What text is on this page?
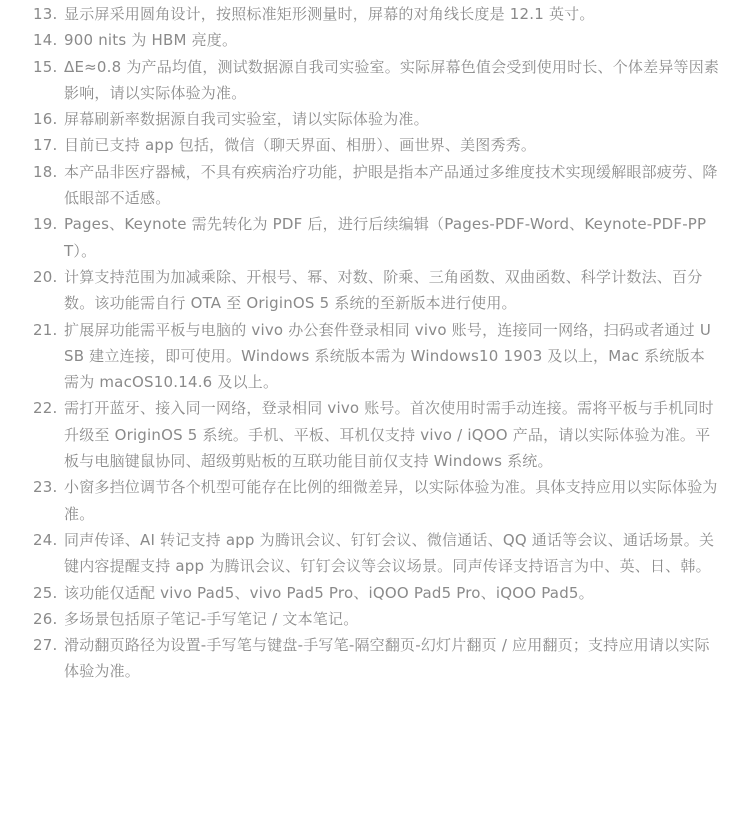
13. 显示屏采用圆角设计，按照标准矩形测量时，屏幕的对角线长度是 12.1 英寸。
14. 900 nits 为 HBM 亮度。
15. ΔE≈0.8 为产品均值，测试数据源自我司实验室。实际屏幕色值会受到使用时长、个体差异等因素影响，请以实际体验为准。
16. 屏幕刷新率数据源自我司实验室，请以实际体验为准。
17. 目前已支持 app 包括，微信（聊天界面、相册）、画世界、美图秀秀。
18. 本产品非医疗器械，不具有疾病治疗功能，护眼是指本产品通过多维度技术实现缓解眼部疲劳、降低眼部不适感。
19. Pages、Keynote 需先转化为 PDF 后，进行后续编辑（Pages-PDF-Word、Keynote-PDF-PPT）。
20. 计算支持范围为加减乘除、开根号、幂、对数、阶乘、三角函数、双曲函数、科学计数法、百分数。该功能需自行 OTA 至 OriginOS 5 系统的至新版本进行使用。
21. 扩展屏功能需平板与电脑的 vivo 办公套件登录相同 vivo 账号，连接同一网络，扫码或者通过 USB 建立连接，即可使用。Windows 系统版本需为 Windows10 1903 及以上，Mac 系统版本需为 macOS10.14.6 及以上。
22. 需打开蓝牙、接入同一网络，登录相同 vivo 账号。首次使用时需手动连接。需将平板与手机同时升级至 OriginOS 5 系统。手机、平板、耳机仅支持 vivo / iQOO 产品，请以实际体验为准。平板与电脑键鼠协同、超级剪贴板的互联功能目前仅支持 Windows 系统。
23. 小窗多挡位调节各个机型可能存在比例的细微差异，以实际体验为准。具体支持应用以实际体验为准。
24. 同声传译、AI 转记支持 app 为腾讯会议、钉钉会议、微信通话、QQ 通话等会议、通话场景。关键内容提醒支持 app 为腾讯会议、钉钉会议等会议场景。同声传译支持语言为中、英、日、韩。
25. 该功能仅适配 vivo Pad5、vivo Pad5 Pro、iQOO Pad5 Pro、iQOO Pad5。
26. 多场景包括原子笔记-手写笔记 / 文本笔记。
27. 滑动翻页路径为设置-手写笔与键盘-手写笔-隔空翻页-幻灯片翻页 / 应用翻页；支持应用请以实际体验为准。
